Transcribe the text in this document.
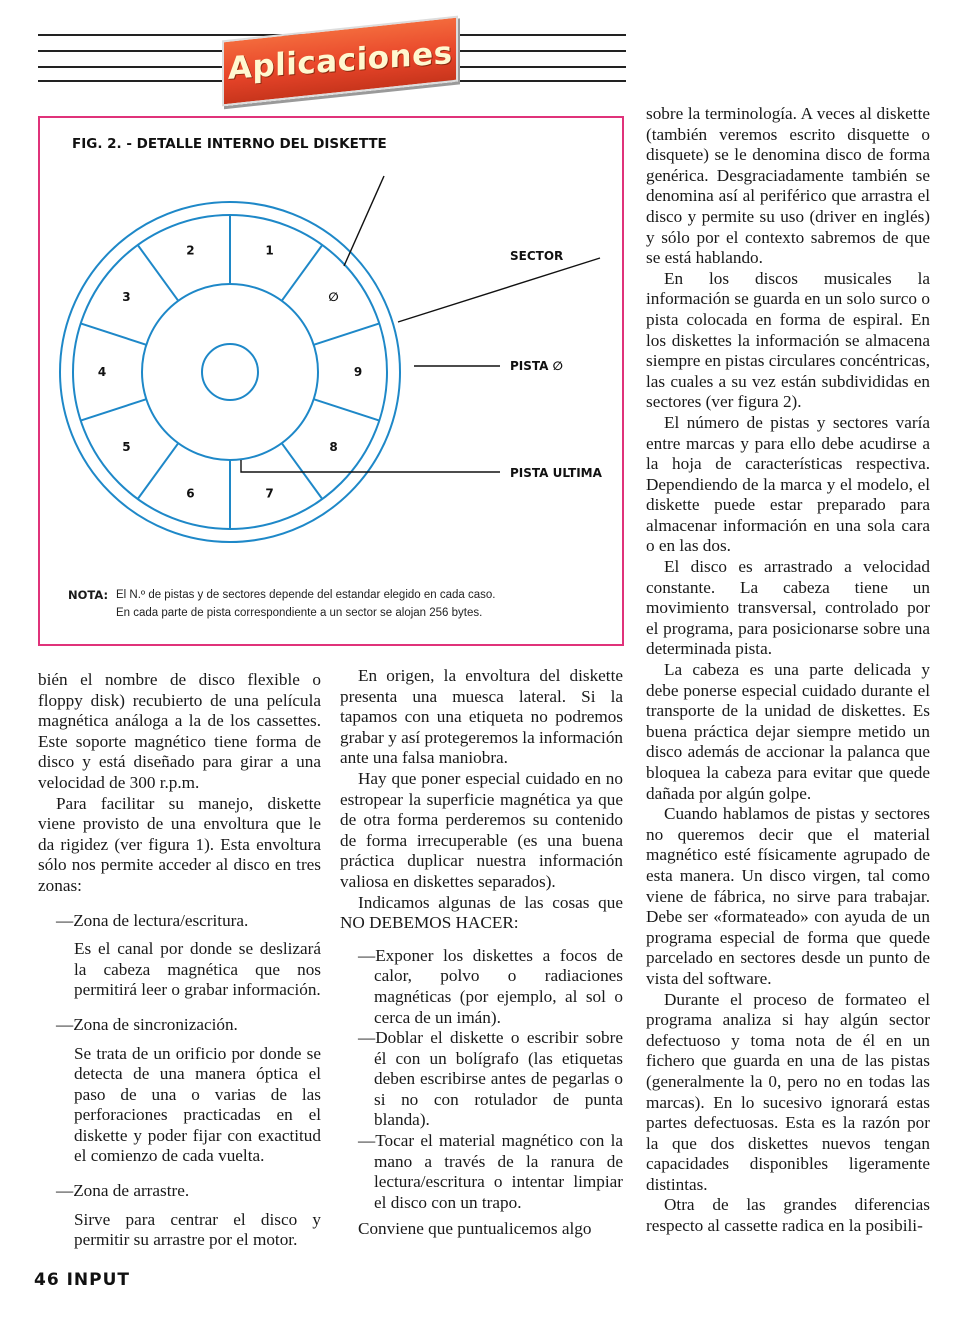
Aplicaciones
FIG. 2. - DETALLE INTERNO DEL DISKETTE
2	1
∅
9
8
7
6
5
4
3
SECTOR
PISTA ∅
PISTA ULTIMA
NOTA: El N.º de pistas y de sectores depende del estandar elegido en cada caso.
En cada parte de pista correspondiente a un sector se alojan 256 bytes.

bién el nombre de disco flexible o floppy disk) recubierto de una película magnética análoga a la de los cassettes. Este soporte magnético tiene forma de disco y está diseñado para girar a una velocidad de 300 r.p.m.

Para facilitar su manejo, diskette viene provisto de una envoltura que le da rigidez (ver figura 1). Esta envoltura sólo nos permite acceder al disco en tres zonas:

—Zona de lectura/escritura.

Es el canal por donde se deslizará la cabeza magnética que nos permitirá leer o grabar información.

—Zona de sincronización.

Se trata de un orificio por donde se detecta de una manera óptica el paso de una o varias de las perforaciones practicadas en el diskette y poder fijar con exactitud el comienzo de cada vuelta.

—Zona de arrastre.

Sirve para centrar el disco y permitir su arrastre por el motor.

En origen, la envoltura del diskette presenta una muesca lateral. Si la tapamos con una etiqueta no podremos grabar y así protegeremos la información ante una falsa maniobra.

Hay que poner especial cuidado en no estropear la superficie magnética ya que de otra forma perderemos su contenido de forma irrecuperable (es una buena práctica duplicar nuestra información valiosa en diskettes separados).

Indicamos algunas de las cosas que NO DEBEMOS HACER:

—Exponer los diskettes a focos de calor, polvo o radiaciones magnéticas (por ejemplo, al sol o cerca de un imán).

—Doblar el diskette o escribir sobre él con un bolígrafo (las etiquetas deben escribirse antes de pegarlas o si no con rotulador de punta blanda).

—Tocar el material magnético con la mano a través de la ranura de lectura/escritura o intentar limpiar el disco con un trapo.

Conviene que puntualicemos algo

sobre la terminología. A veces al diskette (también veremos escrito disquette o disquete) se le denomina disco de forma genérica. Desgraciadamente también se denomina así al periférico que arrastra el disco y permite su uso (driver en inglés) y sólo por el contexto sabremos de que se está hablando.

En los discos musicales la información se guarda en un solo surco o pista colocada en forma de espiral. En los diskettes la información se almacena siempre en pistas circulares concéntricas, las cuales a su vez están subdivididas en sectores (ver figura 2).

El número de pistas y sectores varía entre marcas y para ello debe acudirse a la hoja de características respectiva. Dependiendo de la marca y el modelo, el diskette puede estar preparado para almacenar información en una sola cara o en las dos.

El disco es arrastrado a velocidad constante. La cabeza tiene un movimiento transversal, controlado por el programa, para posicionarse sobre una determinada pista.

La cabeza es una parte delicada y debe ponerse especial cuidado durante el transporte de la unidad de diskettes. Es buena práctica dejar siempre metido un disco además de accionar la palanca que bloquea la cabeza para evitar que quede dañada por algún golpe.

Cuando hablamos de pistas y sectores no queremos decir que el material magnético esté físicamente agrupado de esta manera. Un disco virgen, tal como viene de fábrica, no sirve para trabajar. Debe ser «formateado» con ayuda de un programa especial de forma que quede parcelado en sectores desde un punto de vista del software.

Durante el proceso de formateo el programa analiza si hay algún sector defectuoso y toma nota de él en un fichero que guarda en una de las pistas (generalmente la 0, pero no en todas las marcas). En lo sucesivo ignorará estas partes defectuosas. Esta es la razón por la que dos diskettes nuevos tengan capacidades disponibles ligeramente distintas.

Otra de las grandes diferencias respecto al cassette radica en la posibili-

46 INPUT
